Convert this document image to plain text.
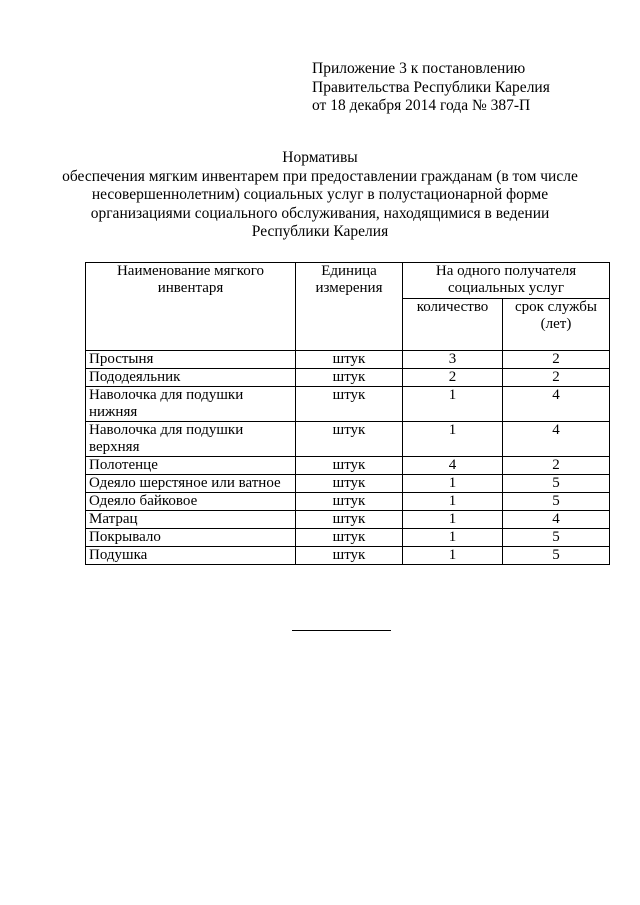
Приложение 3 к постановлению
Правительства Республики Карелия
от 18 декабря 2014 года № 387-П
Нормативы
обеспечения мягким инвентарем при предоставлении гражданам (в том числе
несовершеннолетним) социальных услуг в полустационарной форме
организациями социального обслуживания, находящимися в ведении
Республики Карелия
Наименование мягкого инвентаря	Единица измерения	На одного получателя социальных услуг	
		количество	срок службы (лет)
Простыня	штук	3	2
Пододеяльник	штук	2	2
Наволочка для подушки нижняя	штук	1	4
Наволочка для подушки верхняя	штук	1	4
Полотенце	штук	4	2
Одеяло шерстяное или ватное	штук	1	5
Одеяло байковое	штук	1	5
Матрац	штук	1	4
Покрывало	штук	1	5
Подушка	штук	1	5
